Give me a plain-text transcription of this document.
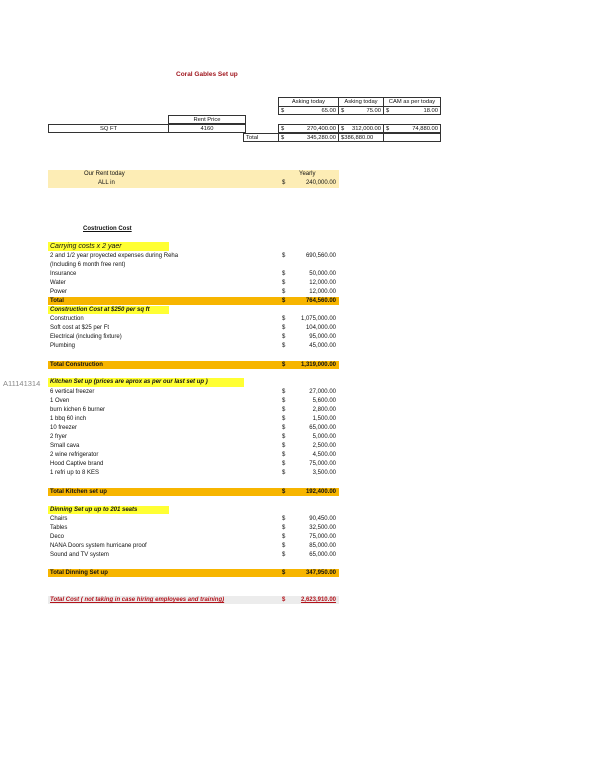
Coral Gables Set up
Asking today	Asking today	CAM as per today
$	65.00 $	75.00 $	18.00
$	270,400.00 $ 312,000.00 $	74,880.00
Total	$	345,280.00 $386,880.00
Rent Price
SQ FT	4160
Our Rent today
ALL in
Yearly
$	240,000.00
Costruction Cost
Carrying costs x 2 yaer
2 and 1/2 year proyected expenses during Reha	$	690,560.00
(Including 6 month free rent)
Insurance	$	50,000.00
Water	$	12,000.00
Power	$	12,000.00
Total	$	764,560.00
Construction Cost at $250 per sq ft
Construction	$	1,075,000.00
Soft cost at $25 per Ft	$	104,000.00
Electrical (including fixture)	$	95,000.00
Plumbing	$	45,000.00
Total Construction	$	1,319,000.00
A11141314 Kitchen Set up (prices are aprox as per our last set up )
6 vertical freezer	$	27,000.00
1 Oven	$	5,600.00
burn kichen 6 burner	$	2,800.00
1 bbq 60 inch	$	1,500.00
10 freezer	$	65,000.00
2 fryer	$	5,000.00
Small cava	$	2,500.00
2 wine refrigerator	$	4,500.00
Hood Captive brand	$	75,000.00
1 refri up to 8 KES	$	3,500.00
Total Kitchen set up	$	192,400.00
Dinning Set up up to 201 seats
Chairs	$	90,450.00
Tables	$	32,500.00
Deco	$	75,000.00
NANA Doors system hurricane proof	$	85,000.00
Sound and TV system	$	65,000.00
Total Dinning Set up	$	347,950.00
Total Cost ( not taking in case hiring employees and training)	$	2,623,910.00
